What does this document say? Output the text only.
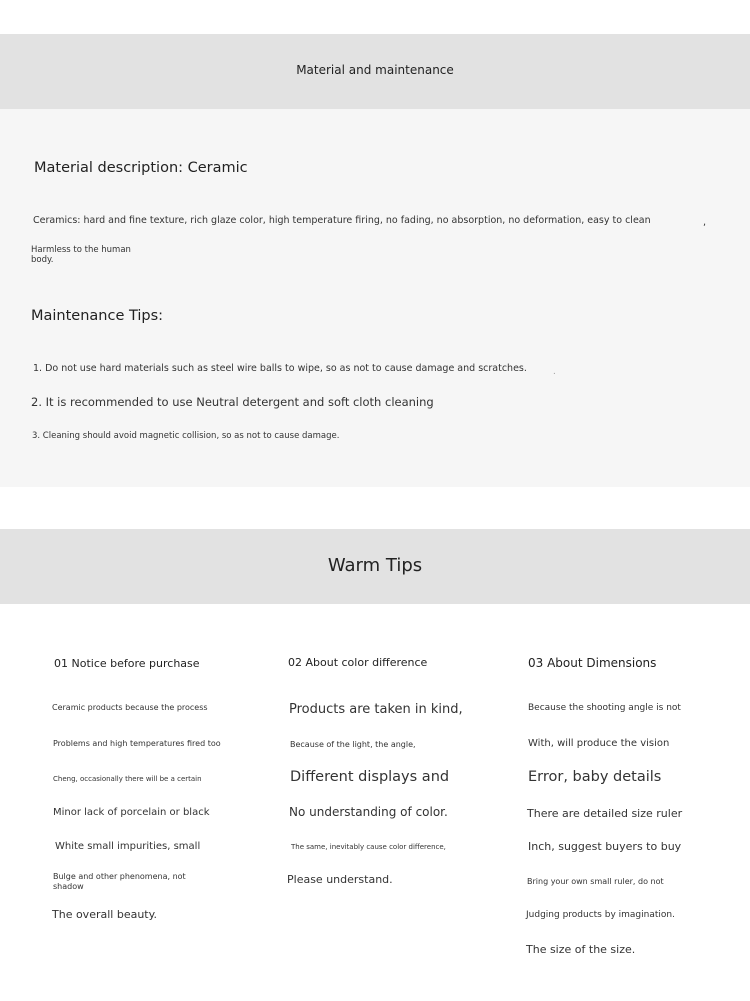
Material and maintenance
Material description: Ceramic
Ceramics: hard and fine texture, rich glaze color, high temperature firing, no fading, no absorption, no deformation, easy to clean	,
Harmless to the human
body.
Maintenance Tips:
1. Do not use hard materials such as steel wire balls to wipe, so as not to cause damage and scratches.	.
2. It is recommended to use Neutral detergent and soft cloth cleaning
3. Cleaning should avoid magnetic collision, so as not to cause damage.
Warm Tips
01 Notice before purchase
Ceramic products because the process
Problems and high temperatures fired too
Cheng, occasionally there will be a certain
Minor lack of porcelain or black
White small impurities, small
Bulge and other phenomena, not
shadow
The overall beauty.
02 About color difference
Products are taken in kind,
Because of the light, the angle,
Different displays and
No understanding of color.
The same, inevitably cause color difference,
Please understand.
03 About Dimensions
Because the shooting angle is not
With, will produce the vision
Error, baby details
There are detailed size ruler
Inch, suggest buyers to buy
Bring your own small ruler, do not
Judging products by imagination.
The size of the size.
